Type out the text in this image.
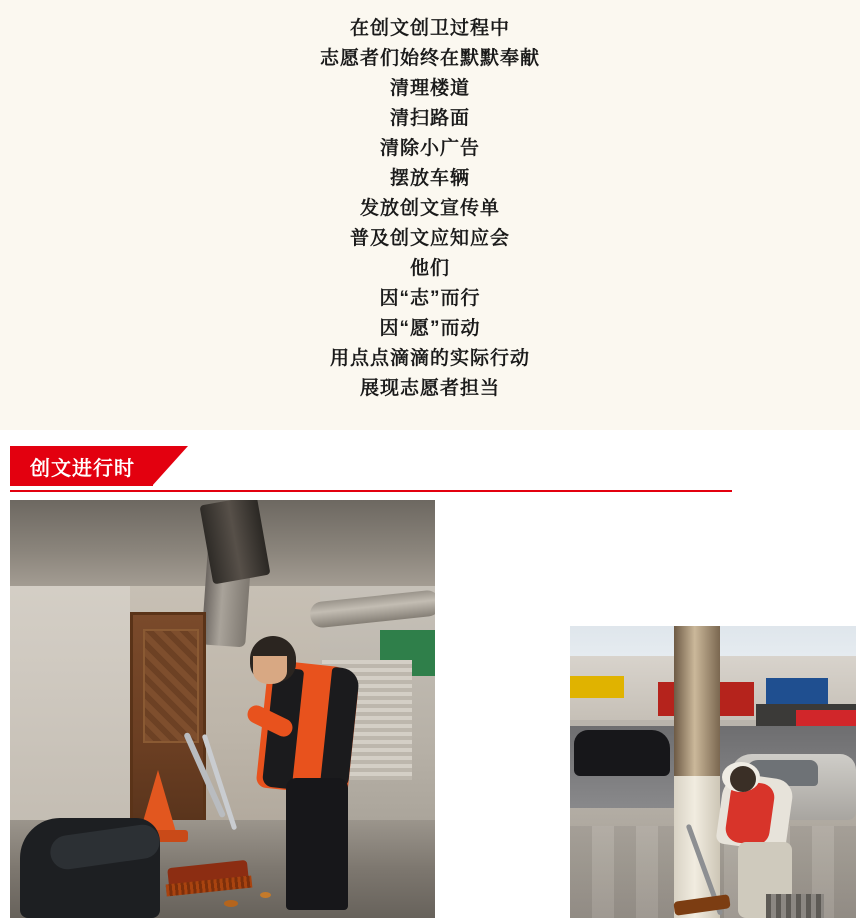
在创文创卫过程中
志愿者们始终在默默奉献
清理楼道
清扫路面
清除小广告
摆放车辆
发放创文宣传单
普及创文应知应会
他们
因“志”而行
因“愿”而动
用点点滴滴的实际行动
展现志愿者担当
创文进行时
